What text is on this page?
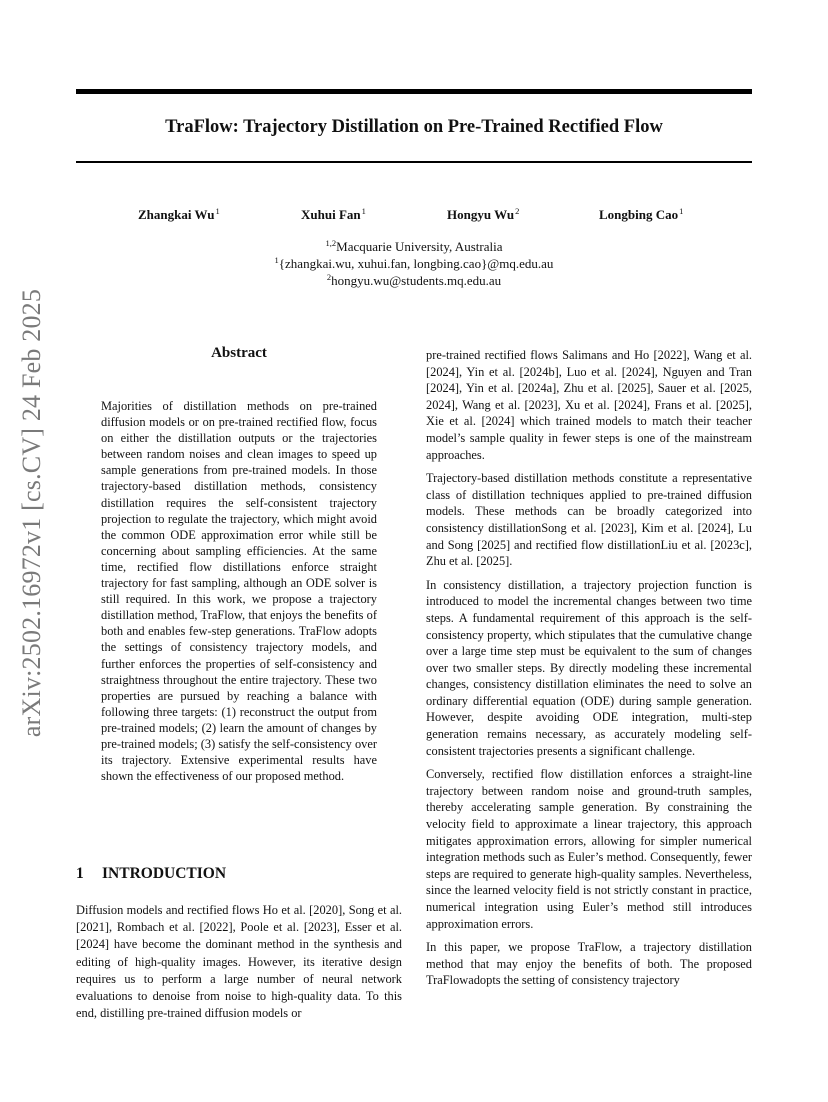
arXiv:2502.16972v1 [cs.CV] 24 Feb 2025
TraFlow: Trajectory Distillation on Pre-Trained Rectified Flow
Zhangkai Wu$^1$	Xuhui Fan$^1$	Hongyu Wu$^2$	Longbing Cao$^1$
$^{1,2}$Macquarie University, Australia
$^1${zhangkai.wu, xuhui.fan, longbing.cao}@mq.edu.au
$^2$hongyu.wu@students.mq.edu.au
Abstract

Majorities of distillation methods on pre-trained diffusion models or on pre-trained rectified flow, focus on either the distillation outputs or the trajectories between random noises and clean images to speed up sample generations from pre-trained models. In those trajectory-based distillation methods, consistency distillation requires the self-consistent trajectory projection to regulate the trajectory, which might avoid the common ODE approximation error while still be concerning about sampling efficiencies. At the same time, rectified flow distillations enforce straight trajectory for fast sampling, although an ODE solver is still required. In this work, we propose a trajectory distillation method, TraFlow, that enjoys the benefits of both and enables few-step generations. TraFlow adopts the settings of consistency trajectory models, and further enforces the properties of self-consistency and straightness throughout the entire trajectory. These two properties are pursued by reaching a balance with following three targets: (1) reconstruct the output from pre-trained models; (2) learn the amount of changes by pre-trained models; (3) satisfy the self-consistency over its trajectory. Extensive experimental results have shown the effectiveness of our proposed method.

1 INTRODUCTION

Diffusion models and rectified flows Ho et al. [2020], Song et al. [2021], Rombach et al. [2022], Poole et al. [2023], Esser et al. [2024] have become the dominant method in the synthesis and editing of high-quality images. However, its iterative design requires us to perform a large number of neural network evaluations to denoise from noise to high-quality data. To this end, distilling pre-trained diffusion models or

pre-trained rectified flows Salimans and Ho [2022], Wang et al. [2024], Yin et al. [2024b], Luo et al. [2024], Nguyen and Tran [2024], Yin et al. [2024a], Zhu et al. [2025], Sauer et al. [2025, 2024], Wang et al. [2023], Xu et al. [2024], Frans et al. [2025], Xie et al. [2024] which trained models to match their teacher model’s sample quality in fewer steps is one of the mainstream approaches.

Trajectory-based distillation methods constitute a representative class of distillation techniques applied to pre-trained diffusion models. These methods can be broadly categorized into consistency distillationSong et al. [2023], Kim et al. [2024], Lu and Song [2025] and rectified flow distillationLiu et al. [2023c], Zhu et al. [2025].

In consistency distillation, a trajectory projection function is introduced to model the incremental changes between two time steps. A fundamental requirement of this approach is the self-consistency property, which stipulates that the cumulative change over a large time step must be equivalent to the sum of changes over two smaller steps. By directly modeling these incremental changes, consistency distillation eliminates the need to solve an ordinary differential equation (ODE) during sample generation. However, despite avoiding ODE integration, multi-step generation remains necessary, as accurately modeling self-consistent trajectories presents a significant challenge.

Conversely, rectified flow distillation enforces a straight-line trajectory between random noise and ground-truth samples, thereby accelerating sample generation. By constraining the velocity field to approximate a linear trajectory, this approach mitigates approximation errors, allowing for simpler numerical integration methods such as Euler’s method. Consequently, fewer steps are required to generate high-quality samples. Nevertheless, since the learned velocity field is not strictly constant in practice, numerical integration using Euler’s method still introduces approximation errors.

In this paper, we propose TraFlow, a trajectory distillation method that may enjoy the benefits of both. The proposed TraFlowadopts the setting of consistency trajectory
